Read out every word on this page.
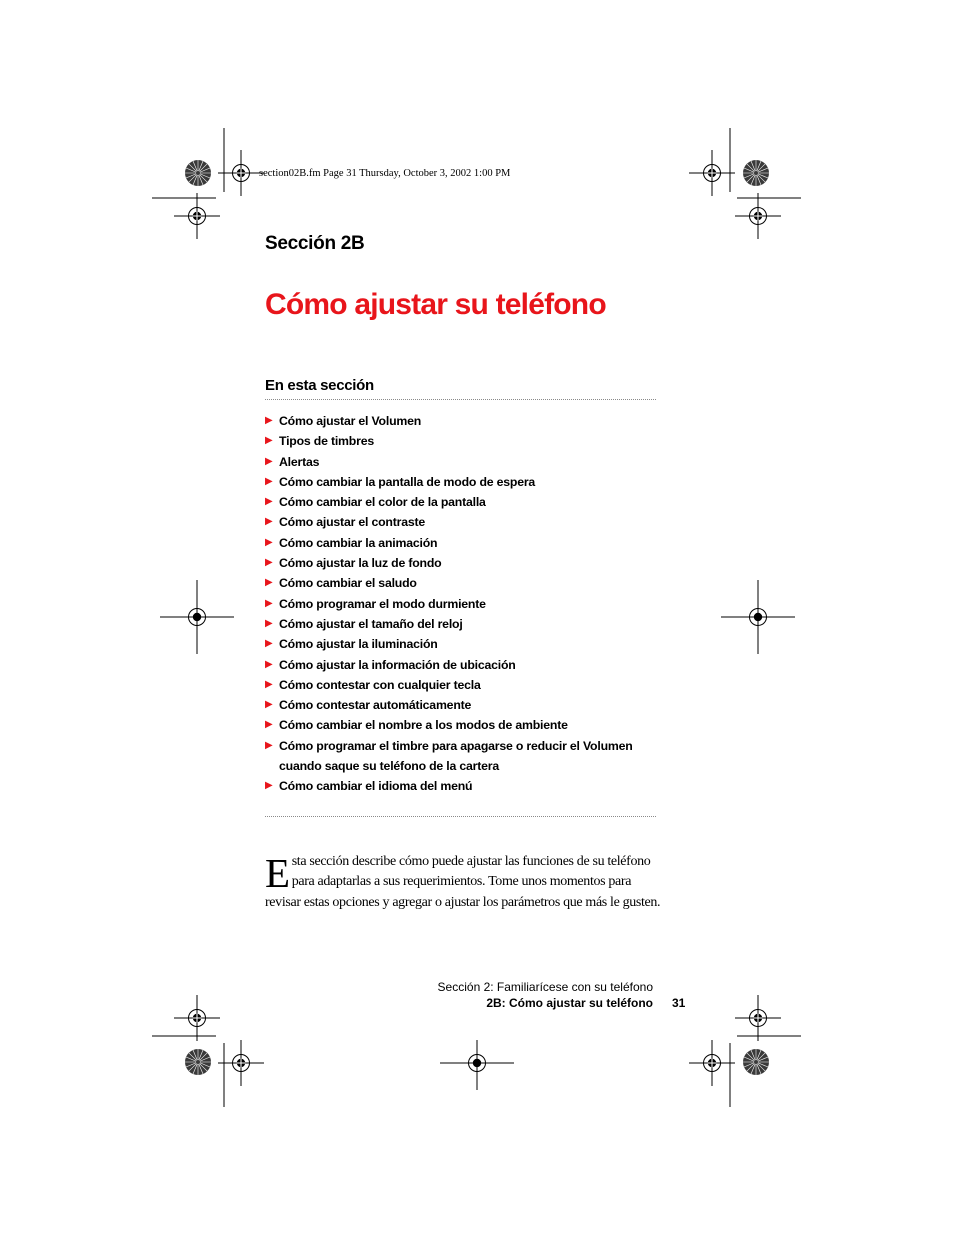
section02B.fm Page 31 Thursday, October 3, 2002 1:00 PM
Sección 2B
Cómo ajustar su teléfono
En esta sección
▶ Cómo ajustar el Volumen
▶ Tipos de timbres
▶ Alertas
▶ Cómo cambiar la pantalla de modo de espera
▶ Cómo cambiar el color de la pantalla
▶ Cómo ajustar el contraste
▶ Cómo cambiar la animación
▶ Cómo ajustar la luz de fondo
▶ Cómo cambiar el saludo
▶ Cómo programar el modo durmiente
▶ Cómo ajustar el tamaño del reloj
▶ Cómo ajustar la iluminación
▶ Cómo ajustar la información de ubicación
▶ Cómo contestar con cualquier tecla
▶ Cómo contestar automáticamente
▶ Cómo cambiar el nombre a los modos de ambiente
▶ Cómo programar el timbre para apagarse o reducir el Volumen cuando saque su teléfono de la cartera
▶ Cómo cambiar el idioma del menú
Esta sección describe cómo puede ajustar las funciones de su teléfono para adaptarlas a sus requerimientos. Tome unos momentos para revisar estas opciones y agregar o ajustar los parámetros que más le gusten.
Sección 2: Familiarícese con su teléfono
2B: Cómo ajustar su teléfono 31
